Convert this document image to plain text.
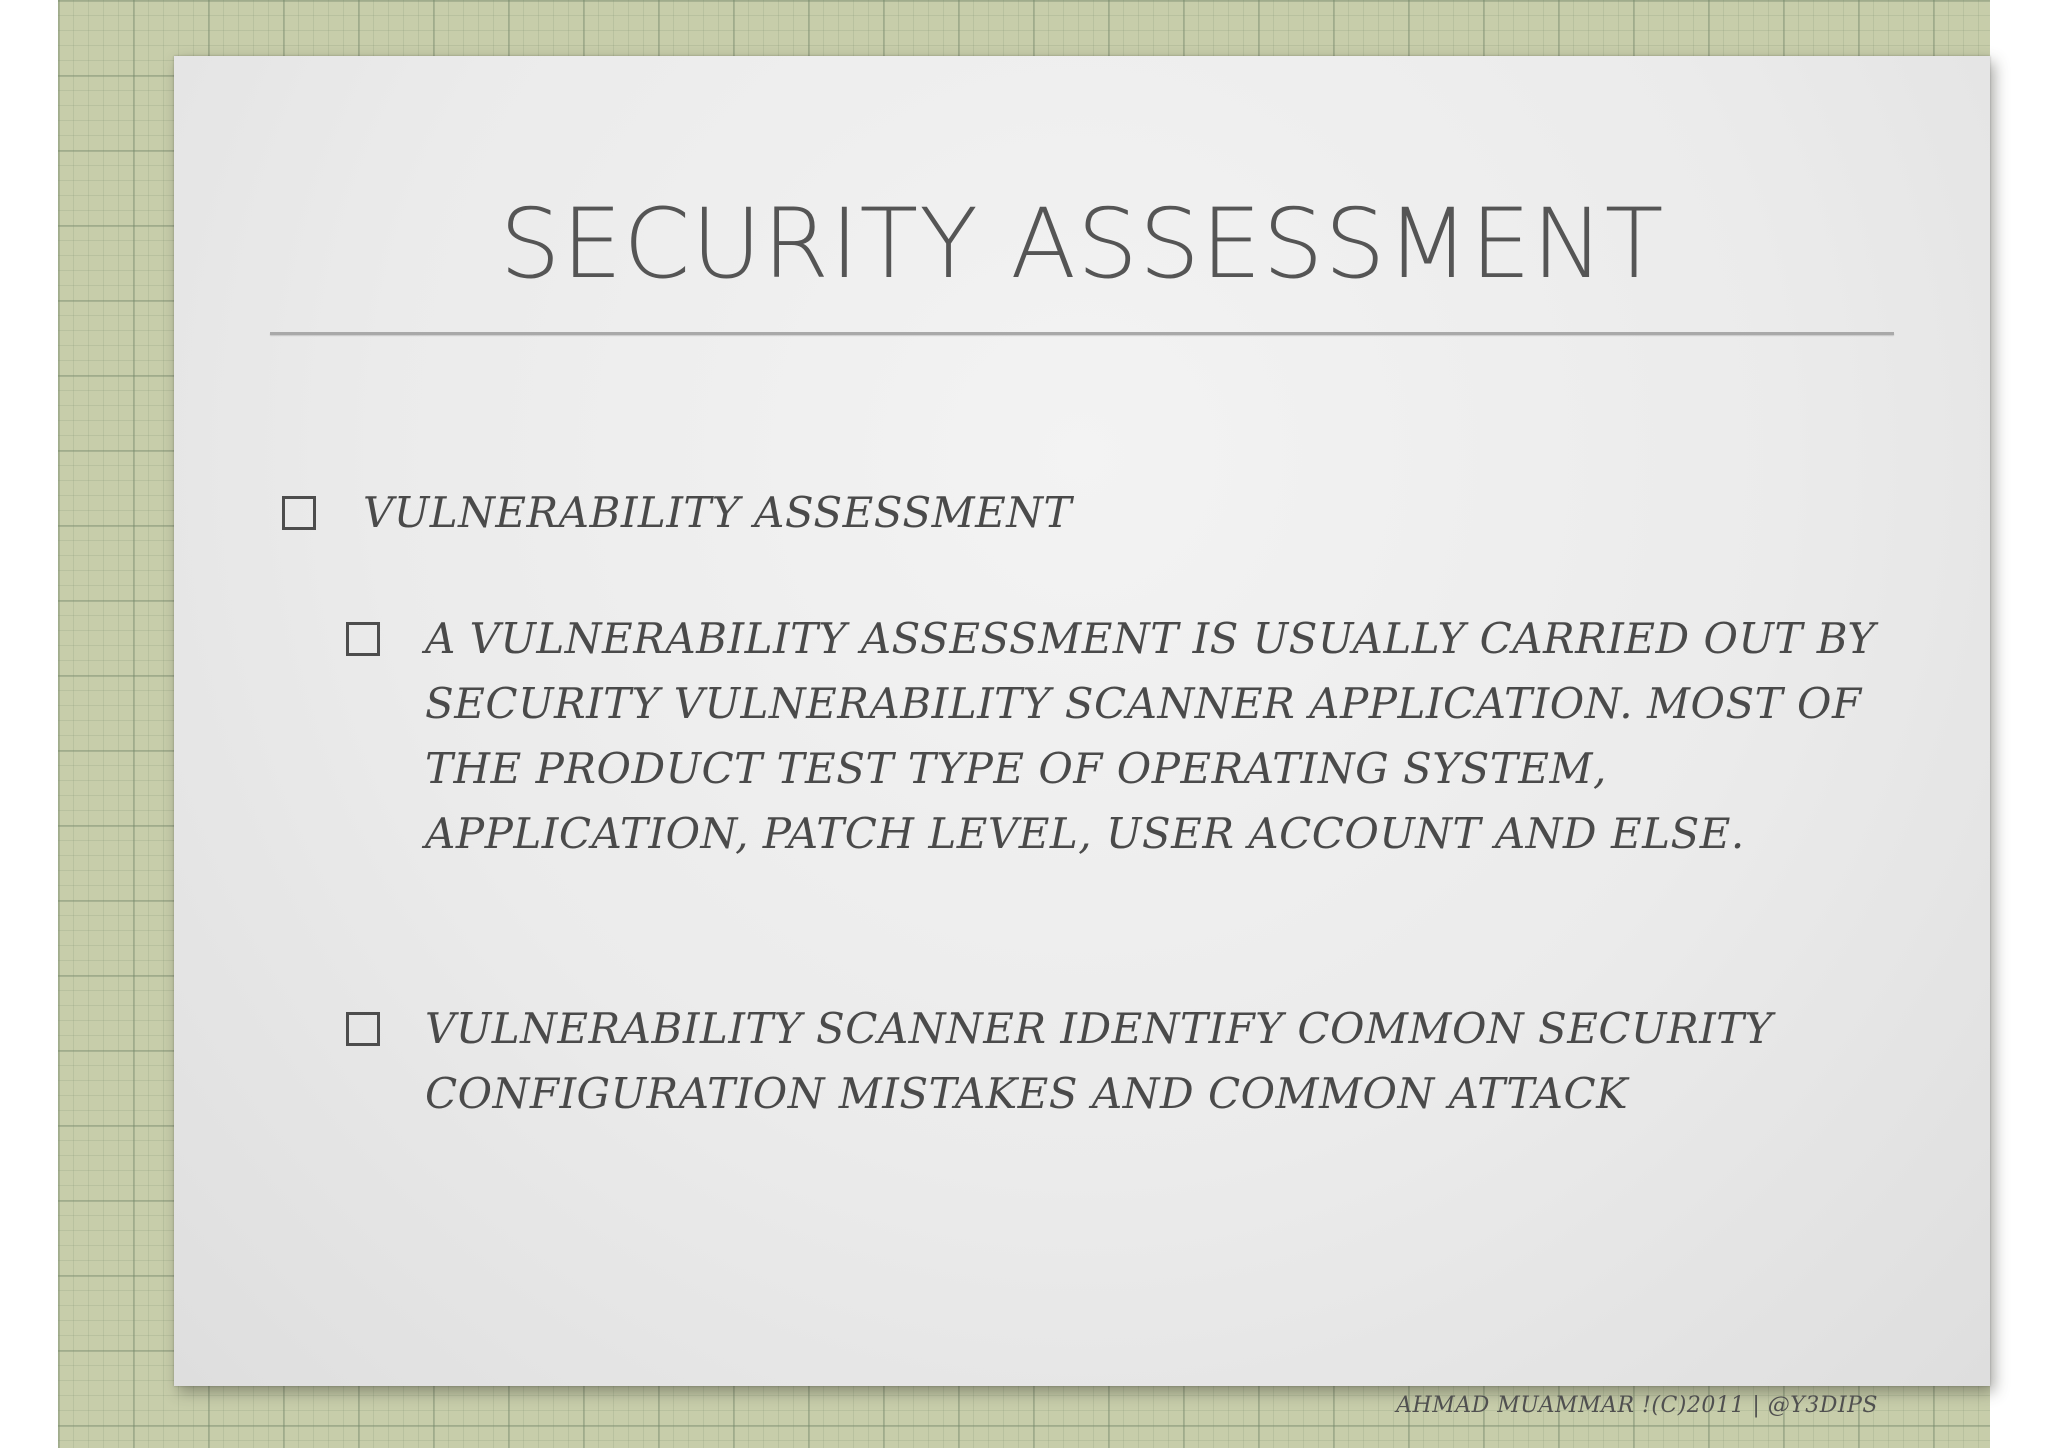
SECURITY ASSESSMENT
VULNERABILITY ASSESSMENT
A VULNERABILITY ASSESSMENT IS USUALLY CARRIED OUT BY SECURITY VULNERABILITY SCANNER APPLICATION. MOST OF THE PRODUCT TEST TYPE OF OPERATING SYSTEM, APPLICATION, PATCH LEVEL, USER ACCOUNT AND ELSE.
VULNERABILITY SCANNER IDENTIFY COMMON SECURITY CONFIGURATION MISTAKES AND COMMON ATTACK
AHMAD MUAMMAR !(C)2011 | @Y3DIPS
